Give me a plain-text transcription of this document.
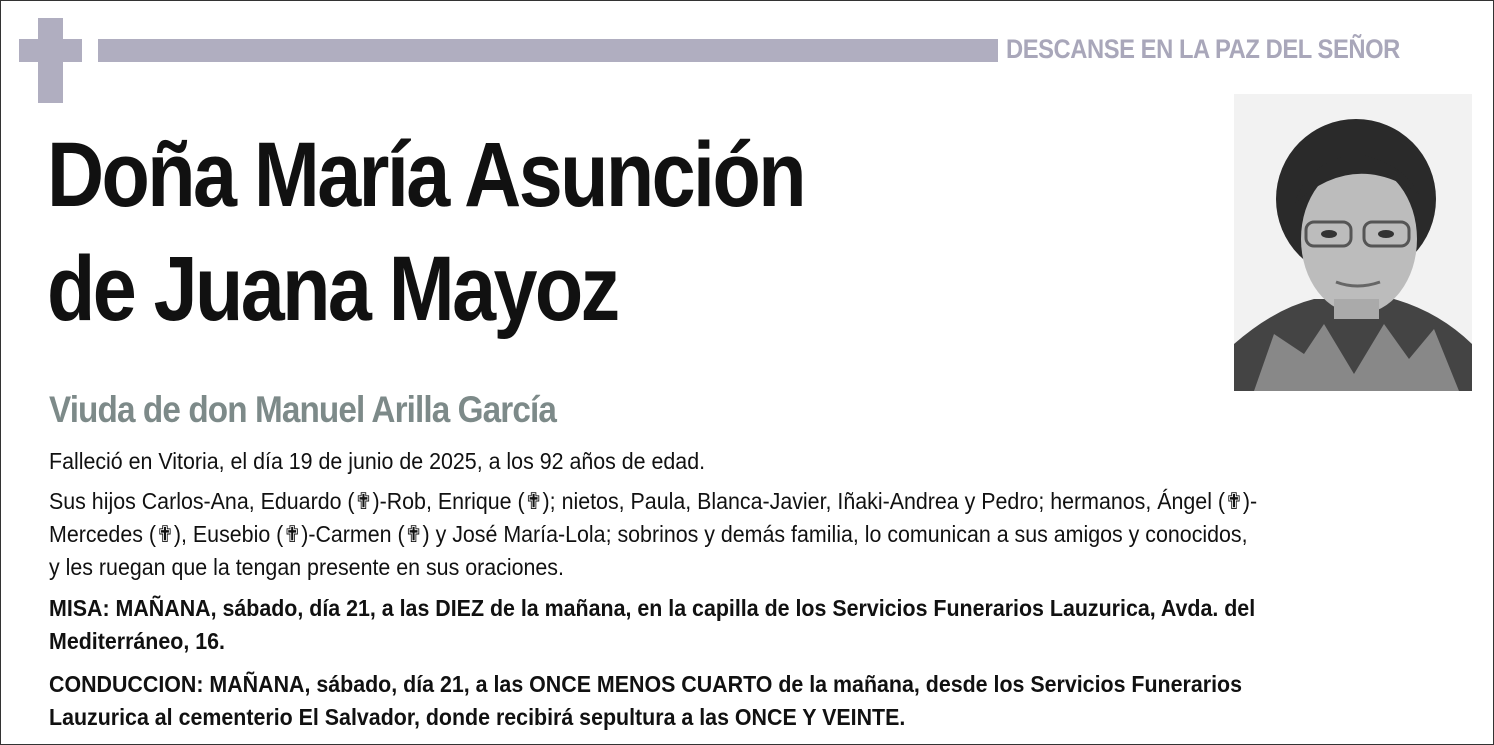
DESCANSE EN LA PAZ DEL SEÑOR
Doña María Asunción
de Juana Mayoz
Viuda de don Manuel Arilla García
Falleció en Vitoria, el día 19 de junio de 2025, a los 92 años de edad.
Sus hijos Carlos-Ana, Eduardo (✟)-Rob, Enrique (✟); nietos, Paula, Blanca-Javier, Iñaki-Andrea y Pedro; hermanos, Ángel (✟)-
Mercedes (✟), Eusebio (✟)-Carmen (✟) y José María-Lola; sobrinos y demás familia, lo comunican a sus amigos y conocidos,
y les ruegan que la tengan presente en sus oraciones.
MISA: MAÑANA, sábado, día 21, a las DIEZ de la mañana, en la capilla de los Servicios Funerarios Lauzurica, Avda. del
Mediterráneo, 16.
CONDUCCION: MAÑANA, sábado, día 21, a las ONCE MENOS CUARTO de la mañana, desde los Servicios Funerarios
Lauzurica al cementerio El Salvador, donde recibirá sepultura a las ONCE Y VEINTE.
